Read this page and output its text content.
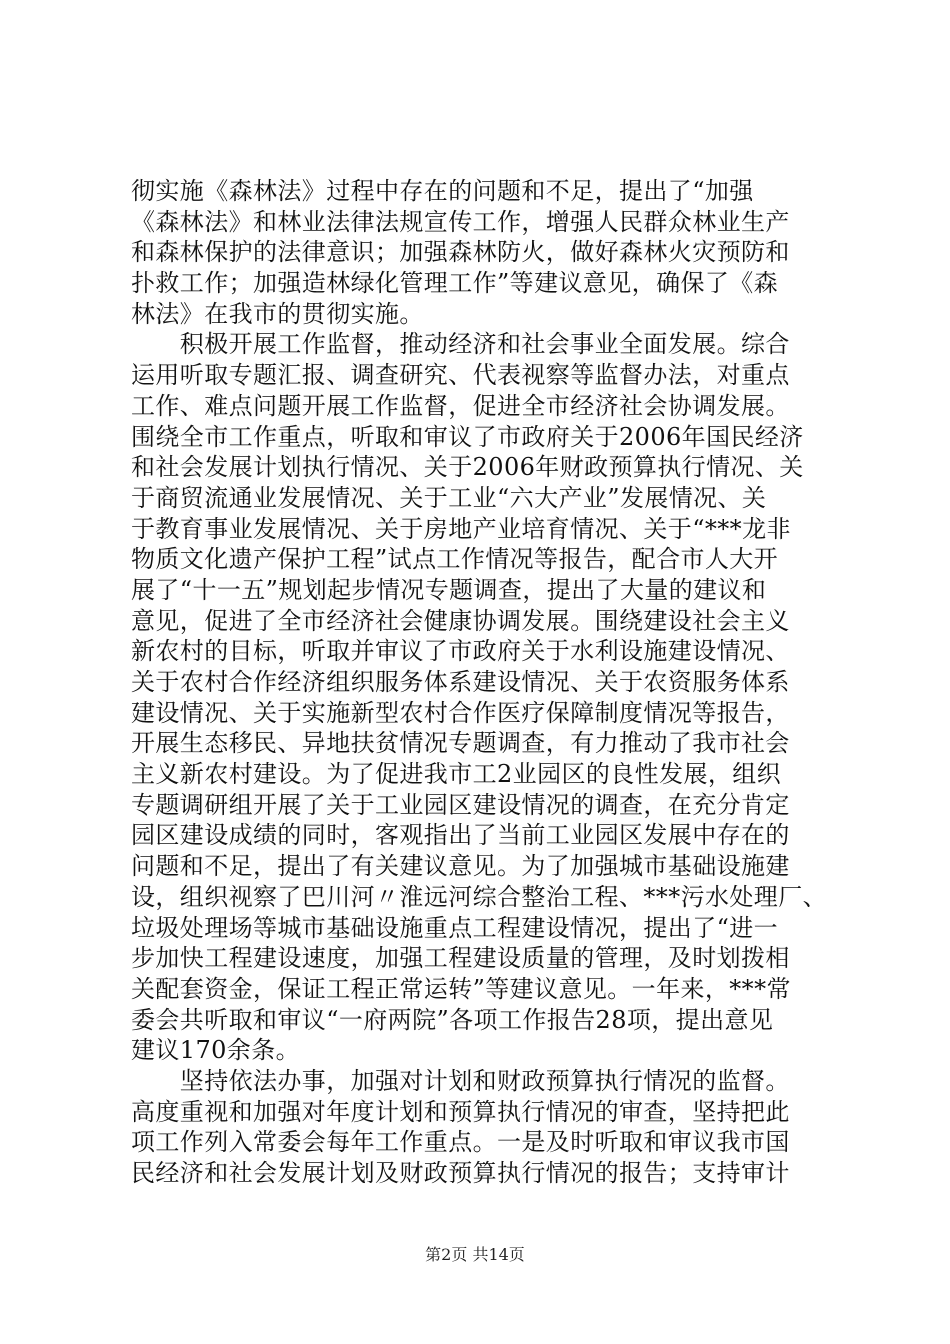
彻实施《森林法》过程中存在的问题和不足，提出了“加强
《森林法》和林业法律法规宣传工作，增强人民群众林业生产
和森林保护的法律意识；加强森林防火，做好森林火灾预防和
扑救工作；加强造林绿化管理工作”等建议意见，确保了《森
林法》在我市的贯彻实施。
　　积极开展工作监督，推动经济和社会事业全面发展。综合
运用听取专题汇报、调查研究、代表视察等监督办法，对重点
工作、难点问题开展工作监督，促进全市经济社会协调发展。
围绕全市工作重点，听取和审议了市政府关于2006年国民经济
和社会发展计划执行情况、关于2006年财政预算执行情况、关
于商贸流通业发展情况、关于工业“六大产业”发展情况、关
于教育事业发展情况、关于房地产业培育情况、关于“***龙非
物质文化遗产保护工程”试点工作情况等报告，配合市人大开
展了“十一五”规划起步情况专题调查，提出了大量的建议和
意见，促进了全市经济社会健康协调发展。围绕建设社会主义
新农村的目标，听取并审议了市政府关于水利设施建设情况、
关于农村合作经济组织服务体系建设情况、关于农资服务体系
建设情况、关于实施新型农村合作医疗保障制度情况等报告，
开展生态移民、异地扶贫情况专题调查，有力推动了我市社会
主义新农村建设。为了促进我市工2业园区的良性发展，组织
专题调研组开展了关于工业园区建设情况的调查，在充分肯定
园区建设成绩的同时，客观指出了当前工业园区发展中存在的
问题和不足，提出了有关建议意见。为了加强城市基础设施建
设，组织视察了巴川河〃淮远河综合整治工程、***污水处理厂、
垃圾处理场等城市基础设施重点工程建设情况，提出了“进一
步加快工程建设速度，加强工程建设质量的管理，及时划拨相
关配套资金，保证工程正常运转”等建议意见。一年来，***常
委会共听取和审议“一府两院”各项工作报告28项，提出意见
建议170余条。
　　坚持依法办事，加强对计划和财政预算执行情况的监督。
高度重视和加强对年度计划和预算执行情况的审查，坚持把此
项工作列入常委会每年工作重点。一是及时听取和审议我市国
民经济和社会发展计划及财政预算执行情况的报告；支持审计
第2页 共14页
